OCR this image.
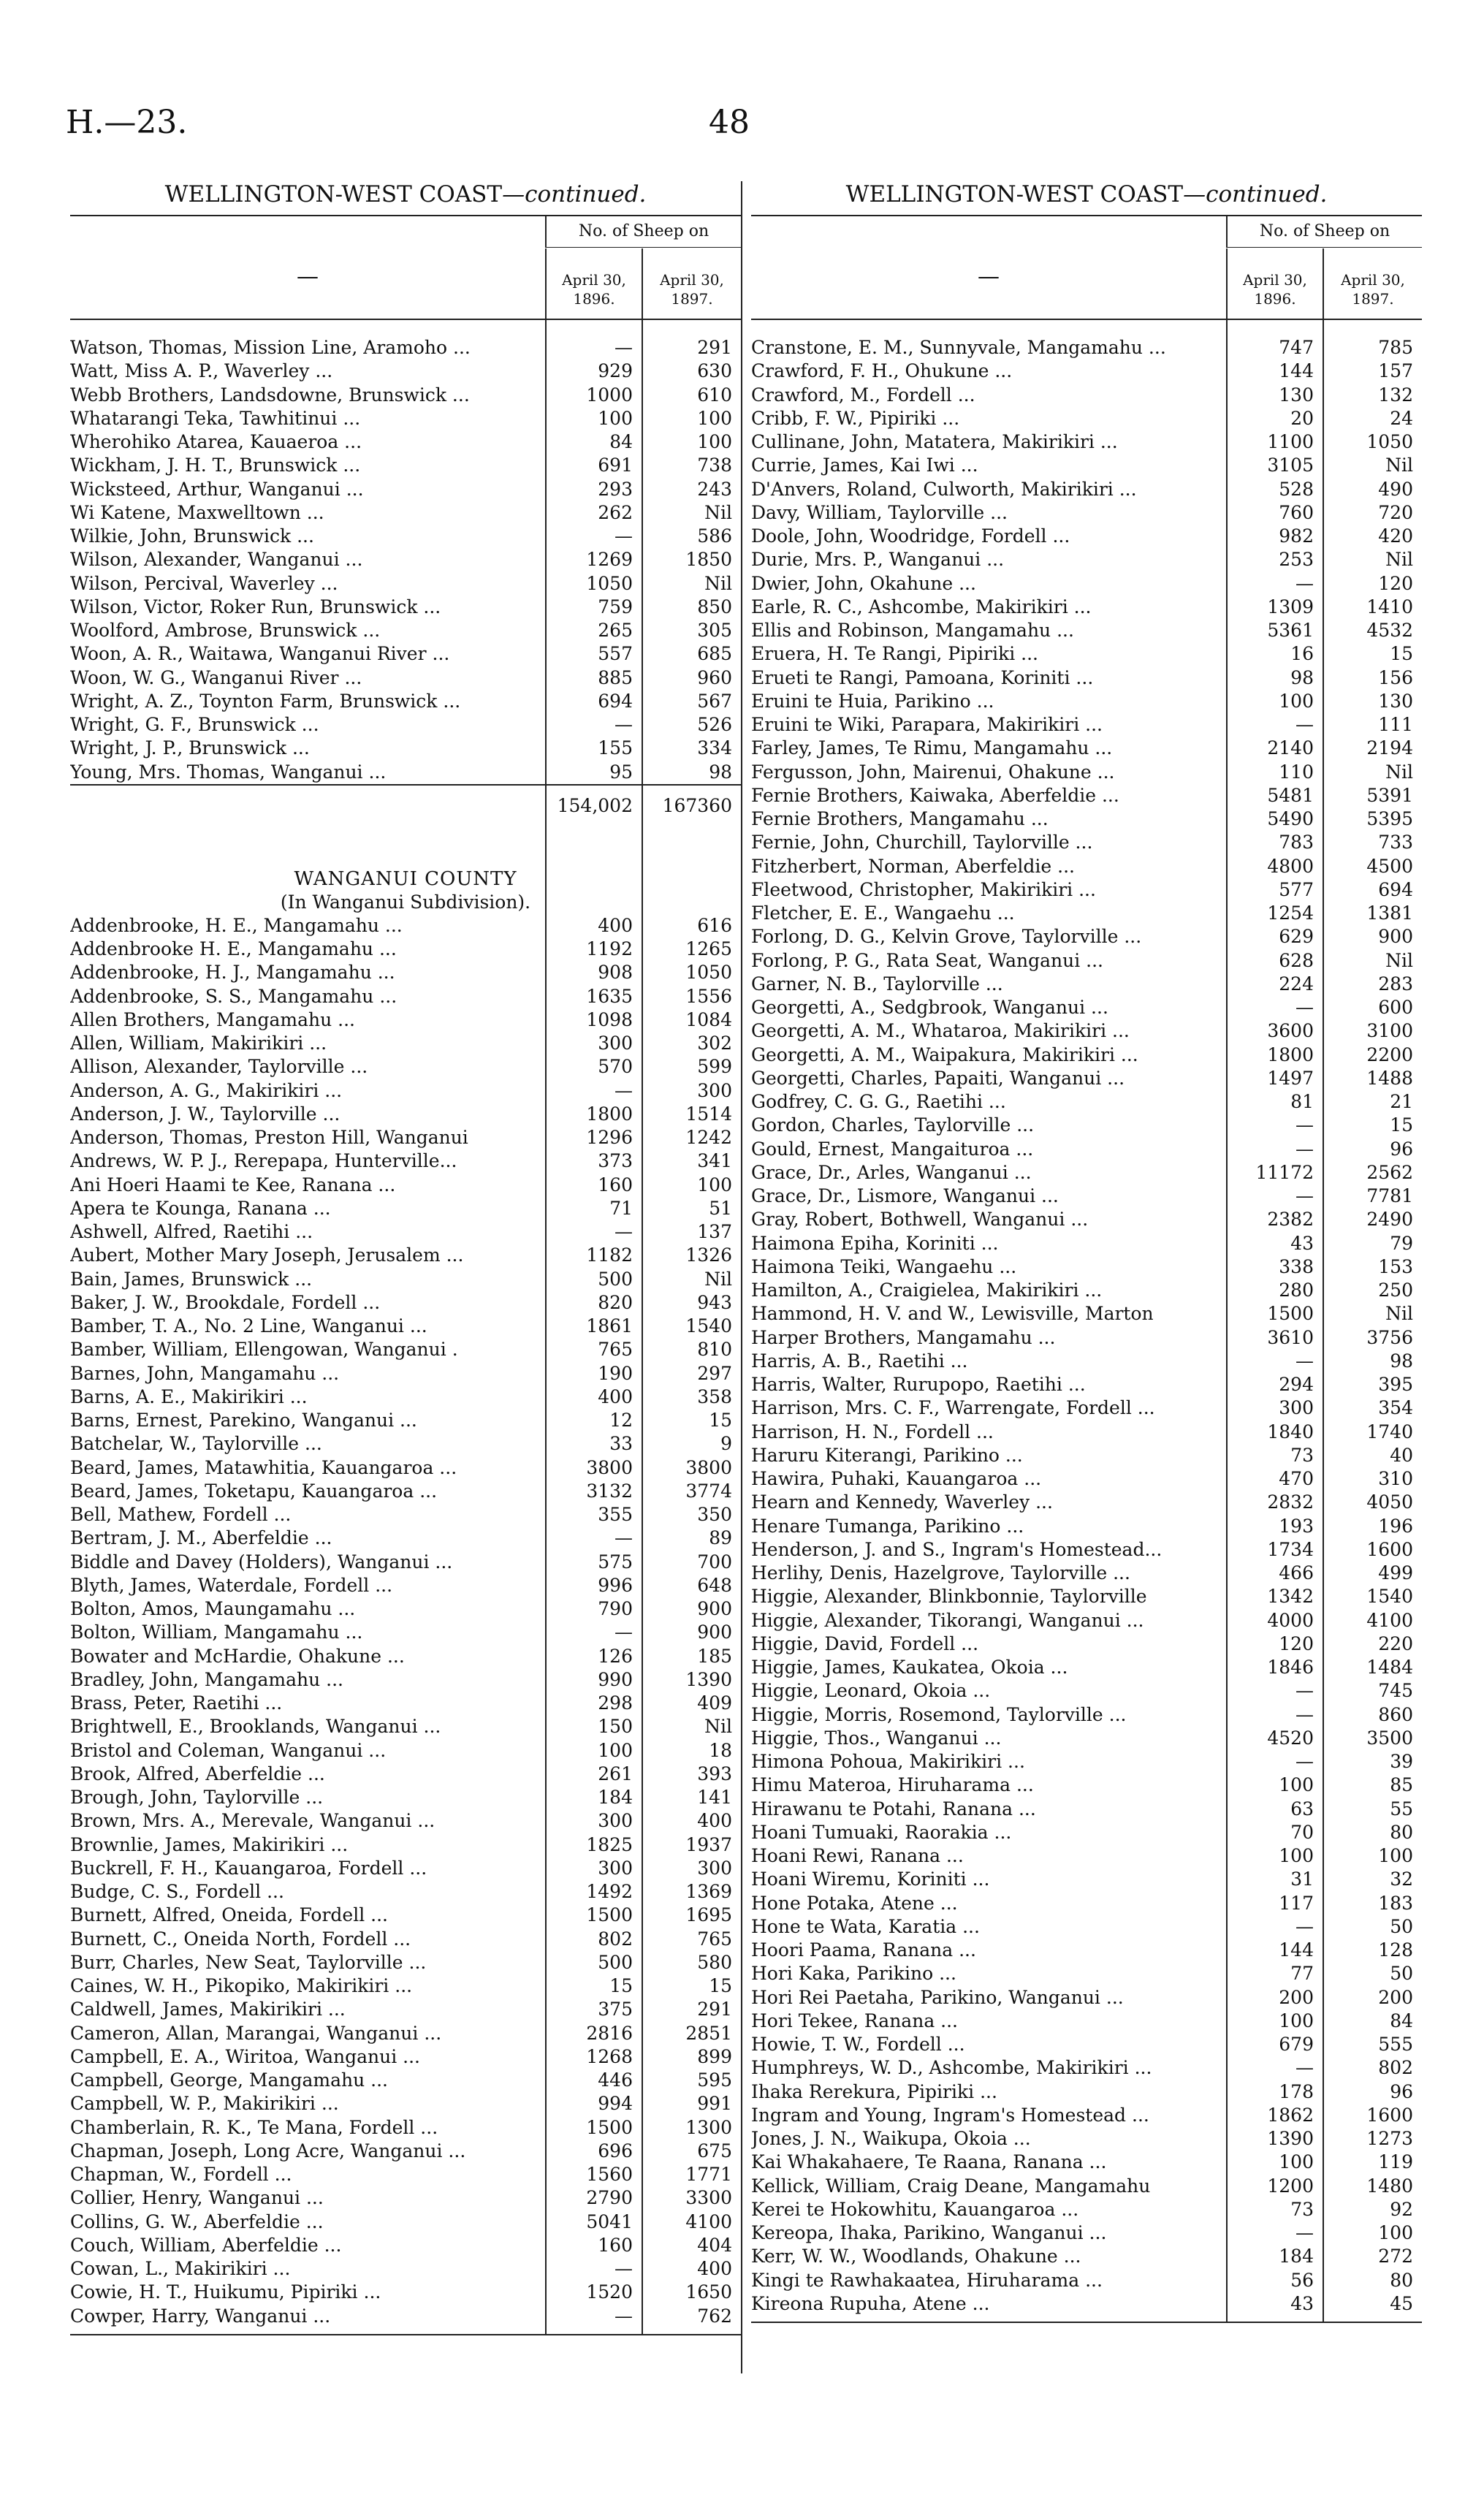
H.—23.	48
WELLINGTON-WEST COAST—continued.
—
No. of Sheep on
April 30, 1896.
April 30, 1897.
Watson, Thomas, Mission Line, Aramoho ...	—	291
Watt, Miss A. P., Waverley ...	929	630
Webb Brothers, Landsdowne, Brunswick ...	1000	610
Whatarangi Teka, Tawhitinui ...	100	100
Wherohiko Atarea, Kauaeroa ...	84	100
Wickham, J. H. T., Brunswick ...	691	738
Wicksteed, Arthur, Wanganui ...	293	243
Wi Katene, Maxwelltown ...	262	Nil
Wilkie, John, Brunswick ...	—	586
Wilson, Alexander, Wanganui ...	1269	1850
Wilson, Percival, Waverley ...	1050	Nil
Wilson, Victor, Roker Run, Brunswick ...	759	850
Woolford, Ambrose, Brunswick ...	265	305
Woon, A. R., Waitawa, Wanganui River ...	557	685
Woon, W. G., Wanganui River ...	885	960
Wright, A. Z., Toynton Farm, Brunswick ...	694	567
Wright, G. F., Brunswick ...	—	526
Wright, J. P., Brunswick ...	155	334
Young, Mrs. Thomas, Wanganui ...	95	98
154,002	167360
WANGANUI COUNTY
(In Wanganui Subdivision).
Addenbrooke, H. E., Mangamahu ...	400	616
Addenbrooke H. E., Mangamahu ...	1192	1265
Addenbrooke, H. J., Mangamahu ...	908	1050
Addenbrooke, S. S., Mangamahu ...	1635	1556
Allen Brothers, Mangamahu ...	1098	1084
Allen, William, Makirikiri ...	300	302
Allison, Alexander, Taylorville ...	570	599
Anderson, A. G., Makirikiri ...	—	300
Anderson, J. W., Taylorville ...	1800	1514
Anderson, Thomas, Preston Hill, Wanganui	1296	1242
Andrews, W. P. J., Rerepapa, Hunterville...	373	341
Ani Hoeri Haami te Kee, Ranana ...	160	100
Apera te Kounga, Ranana ...	71	51
Ashwell, Alfred, Raetihi ...	—	137
Aubert, Mother Mary Joseph, Jerusalem ...	1182	1326
Bain, James, Brunswick ...	500	Nil
Baker, J. W., Brookdale, Fordell ...	820	943
Bamber, T. A., No. 2 Line, Wanganui ...	1861	1540
Bamber, William, Ellengowan, Wanganui .	765	810
Barnes, John, Mangamahu ...	190	297
Barns, A. E., Makirikiri ...	400	358
Barns, Ernest, Parekino, Wanganui ...	12	15
Batchelar, W., Taylorville ...	33	9
Beard, James, Matawhitia, Kauangaroa ...	3800	3800
Beard, James, Toketapu, Kauangaroa ...	3132	3774
Bell, Mathew, Fordell ...	355	350
Bertram, J. M., Aberfeldie ...	—	89
Biddle and Davey (Holders), Wanganui ...	575	700
Blyth, James, Waterdale, Fordell ...	996	648
Bolton, Amos, Maungamahu ...	790	900
Bolton, William, Mangamahu ...	—	900
Bowater and McHardie, Ohakune ...	126	185
Bradley, John, Mangamahu ...	990	1390
Brass, Peter, Raetihi ...	298	409
Brightwell, E., Brooklands, Wanganui ...	150	Nil
Bristol and Coleman, Wanganui ...	100	18
Brook, Alfred, Aberfeldie ...	261	393
Brough, John, Taylorville ...	184	141
Brown, Mrs. A., Merevale, Wanganui ...	300	400
Brownlie, James, Makirikiri ...	1825	1937
Buckrell, F. H., Kauangaroa, Fordell ...	300	300
Budge, C. S., Fordell ...	1492	1369
Burnett, Alfred, Oneida, Fordell ...	1500	1695
Burnett, C., Oneida North, Fordell ...	802	765
Burr, Charles, New Seat, Taylorville ...	500	580
Caines, W. H., Pikopiko, Makirikiri ...	15	15
Caldwell, James, Makirikiri ...	375	291
Cameron, Allan, Marangai, Wanganui ...	2816	2851
Campbell, E. A., Wiritoa, Wanganui ...	1268	899
Campbell, George, Mangamahu ...	446	595
Campbell, W. P., Makirikiri ...	994	991
Chamberlain, R. K., Te Mana, Fordell ...	1500	1300
Chapman, Joseph, Long Acre, Wanganui ...	696	675
Chapman, W., Fordell ...	1560	1771
Collier, Henry, Wanganui ...	2790	3300
Collins, G. W., Aberfeldie ...	5041	4100
Couch, William, Aberfeldie ...	160	404
Cowan, L., Makirikiri ...	—	400
Cowie, H. T., Huikumu, Pipiriki ...	1520	1650
Cowper, Harry, Wanganui ...	—	762
WELLINGTON-WEST COAST—continued.
—
No. of Sheep on
April 30, 1896.
April 30, 1897.
Cranstone, E. M., Sunnyvale, Mangamahu ...	747	785
Crawford, F. H., Ohukune ...	144	157
Crawford, M., Fordell ...	130	132
Cribb, F. W., Pipiriki ...	20	24
Cullinane, John, Matatera, Makirikiri ...	1100	1050
Currie, James, Kai Iwi ...	3105	Nil
D'Anvers, Roland, Culworth, Makirikiri ...	528	490
Davy, William, Taylorville ...	760	720
Doole, John, Woodridge, Fordell ...	982	420
Durie, Mrs. P., Wanganui ...	253	Nil
Dwier, John, Okahune ...	—	120
Earle, R. C., Ashcombe, Makirikiri ...	1309	1410
Ellis and Robinson, Mangamahu ...	5361	4532
Eruera, H. Te Rangi, Pipiriki ...	16	15
Erueti te Rangi, Pamoana, Koriniti ...	98	156
Eruini te Huia, Parikino ...	100	130
Eruini te Wiki, Parapara, Makirikiri ...	—	111
Farley, James, Te Rimu, Mangamahu ...	2140	2194
Fergusson, John, Mairenui, Ohakune ...	110	Nil
Fernie Brothers, Kaiwaka, Aberfeldie ...	5481	5391
Fernie Brothers, Mangamahu ...	5490	5395
Fernie, John, Churchill, Taylorville ...	783	733
Fitzherbert, Norman, Aberfeldie ...	4800	4500
Fleetwood, Christopher, Makirikiri ...	577	694
Fletcher, E. E., Wangaehu ...	1254	1381
Forlong, D. G., Kelvin Grove, Taylorville ...	629	900
Forlong, P. G., Rata Seat, Wanganui ...	628	Nil
Garner, N. B., Taylorville ...	224	283
Georgetti, A., Sedgbrook, Wanganui ...	—	600
Georgetti, A. M., Whataroa, Makirikiri ...	3600	3100
Georgetti, A. M., Waipakura, Makirikiri ...	1800	2200
Georgetti, Charles, Papaiti, Wanganui ...	1497	1488
Godfrey, C. G. G., Raetihi ...	81	21
Gordon, Charles, Taylorville ...	—	15
Gould, Ernest, Mangaituroa ...	—	96
Grace, Dr., Arles, Wanganui ...	11172	2562
Grace, Dr., Lismore, Wanganui ...	—	7781
Gray, Robert, Bothwell, Wanganui ...	2382	2490
Haimona Epiha, Koriniti ...	43	79
Haimona Teiki, Wangaehu ...	338	153
Hamilton, A., Craigielea, Makirikiri ...	280	250
Hammond, H. V. and W., Lewisville, Marton	1500	Nil
Harper Brothers, Mangamahu ...	3610	3756
Harris, A. B., Raetihi ...	—	98
Harris, Walter, Rurupopo, Raetihi ...	294	395
Harrison, Mrs. C. F., Warrengate, Fordell ...	300	354
Harrison, H. N., Fordell ...	1840	1740
Haruru Kiterangi, Parikino ...	73	40
Hawira, Puhaki, Kauangaroa ...	470	310
Hearn and Kennedy, Waverley ...	2832	4050
Henare Tumanga, Parikino ...	193	196
Henderson, J. and S., Ingram's Homestead...	1734	1600
Herlihy, Denis, Hazelgrove, Taylorville ...	466	499
Higgie, Alexander, Blinkbonnie, Taylorville	1342	1540
Higgie, Alexander, Tikorangi, Wanganui ...	4000	4100
Higgie, David, Fordell ...	120	220
Higgie, James, Kaukatea, Okoia ...	1846	1484
Higgie, Leonard, Okoia ...	—	745
Higgie, Morris, Rosemond, Taylorville ...	—	860
Higgie, Thos., Wanganui ...	4520	3500
Himona Pohoua, Makirikiri ...	—	39
Himu Materoa, Hiruharama ...	100	85
Hirawanu te Potahi, Ranana ...	63	55
Hoani Tumuaki, Raorakia ...	70	80
Hoani Rewi, Ranana ...	100	100
Hoani Wiremu, Koriniti ...	31	32
Hone Potaka, Atene ...	117	183
Hone te Wata, Karatia ...	—	50
Hoori Paama, Ranana ...	144	128
Hori Kaka, Parikino ...	77	50
Hori Rei Paetaha, Parikino, Wanganui ...	200	200
Hori Tekee, Ranana ...	100	84
Howie, T. W., Fordell ...	679	555
Humphreys, W. D., Ashcombe, Makirikiri ...	—	802
Ihaka Rerekura, Pipiriki ...	178	96
Ingram and Young, Ingram's Homestead ...	1862	1600
Jones, J. N., Waikupa, Okoia ...	1390	1273
Kai Whakahaere, Te Raana, Ranana ...	100	119
Kellick, William, Craig Deane, Mangamahu	1200	1480
Kerei te Hokowhitu, Kauangaroa ...	73	92
Kereopa, Ihaka, Parikino, Wanganui ...	—	100
Kerr, W. W., Woodlands, Ohakune ...	184	272
Kingi te Rawhakaatea, Hiruharama ...	56	80
Kireona Rupuha, Atene ...	43	45
